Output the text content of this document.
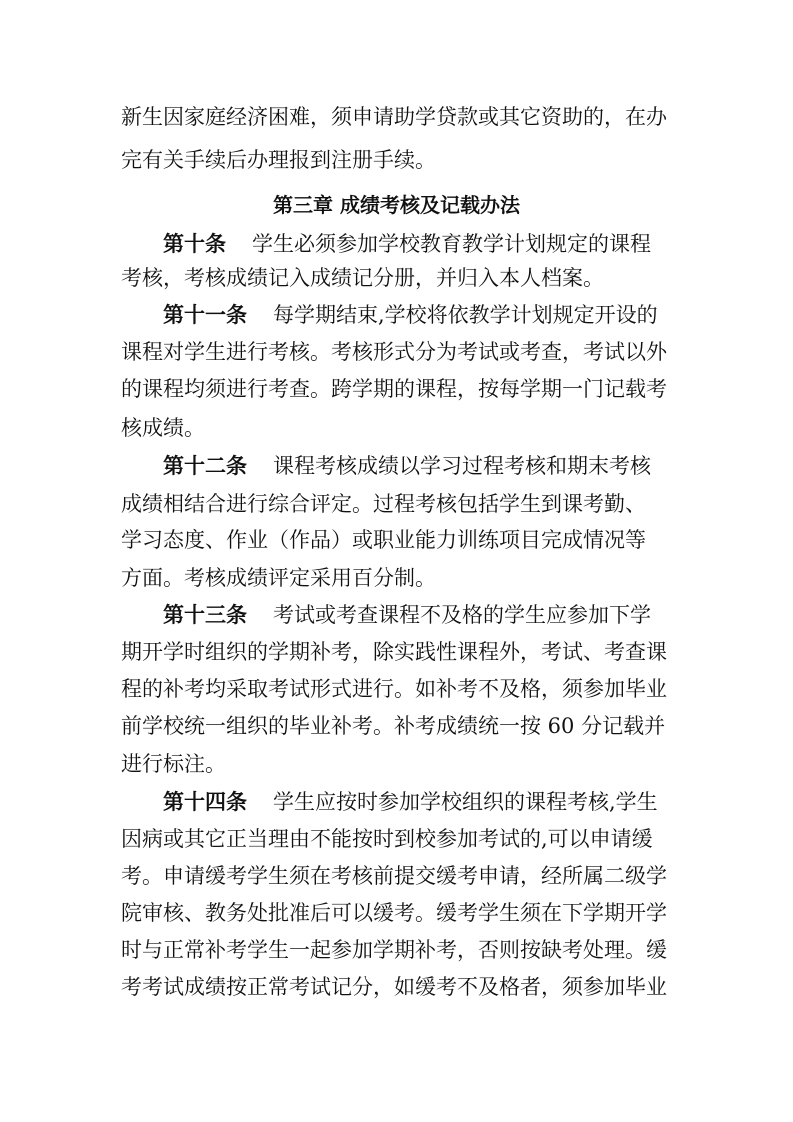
新生因家庭经济困难，须申请助学贷款或其它资助的，在办
完有关手续后办理报到注册手续。
第三章 成绩考核及记载办法
第十条 学生必须参加学校教育教学计划规定的课程
考核，考核成绩记入成绩记分册，并归入本人档案。
第十一条 每学期结束,学校将依教学计划规定开设的
课程对学生进行考核。考核形式分为考试或考查，考试以外
的课程均须进行考查。跨学期的课程，按每学期一门记载考
核成绩。
第十二条 课程考核成绩以学习过程考核和期末考核
成绩相结合进行综合评定。过程考核包括学生到课考勤、
学习态度、作业（作品）或职业能力训练项目完成情况等
方面。考核成绩评定采用百分制。
第十三条 考试或考查课程不及格的学生应参加下学
期开学时组织的学期补考，除实践性课程外，考试、考查课
程的补考均采取考试形式进行。如补考不及格，须参加毕业
前学校统一组织的毕业补考。补考成绩统一按 60 分记载并
进行标注。
第十四条 学生应按时参加学校组织的课程考核,学生
因病或其它正当理由不能按时到校参加考试的,可以申请缓
考。申请缓考学生须在考核前提交缓考申请，经所属二级学
院审核、教务处批准后可以缓考。缓考学生须在下学期开学
时与正常补考学生一起参加学期补考，否则按缺考处理。缓
考考试成绩按正常考试记分，如缓考不及格者，须参加毕业
